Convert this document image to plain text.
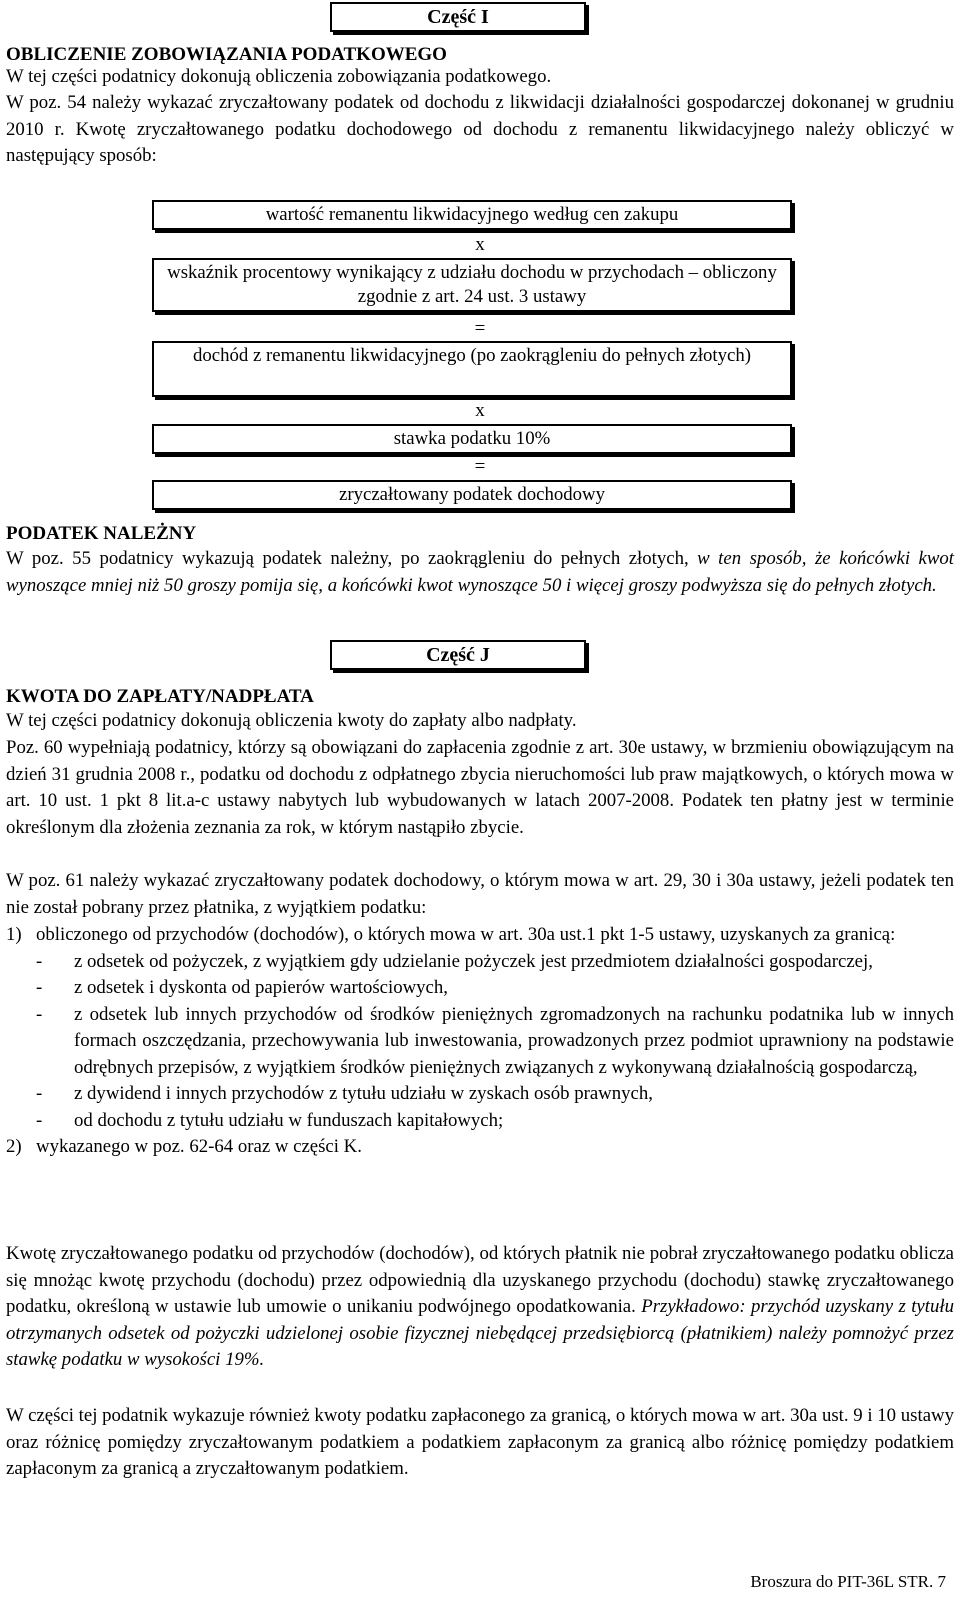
Część I
OBLICZENIE ZOBOWIĄZANIA PODATKOWEGO

W tej części podatnicy dokonują obliczenia zobowiązania podatkowego.

W poz. 54 należy wykazać zryczałtowany podatek od dochodu z likwidacji działalności gospodarczej dokonanej w grudniu 2010 r. Kwotę zryczałtowanego podatku dochodowego od dochodu z remanentu likwidacyjnego należy obliczyć w następujący sposób:

wartość remanentu likwidacyjnego według cen zakupu
x
wskaźnik procentowy wynikający z udziału dochodu w przychodach – obliczony zgodnie z art. 24 ust. 3 ustawy
=
dochód z remanentu likwidacyjnego (po zaokrągleniu do pełnych złotych)
x
stawka podatku 10%
=
zryczałtowany podatek dochodowy
PODATEK NALEŻNY

W poz. 55 podatnicy wykazują podatek należny, po zaokrągleniu do pełnych złotych, w ten sposób, że końcówki kwot wynoszące mniej niż 50 groszy pomija się, a końcówki kwot wynoszące 50 i więcej groszy podwyższa się do pełnych złotych.

Część J
KWOTA DO ZAPŁATY/NADPŁATA

W tej części podatnicy dokonują obliczenia kwoty do zapłaty albo nadpłaty.

Poz. 60 wypełniają podatnicy, którzy są obowiązani do zapłacenia zgodnie z art. 30e ustawy, w brzmieniu obowiązującym na dzień 31 grudnia 2008 r., podatku od dochodu z odpłatnego zbycia nieruchomości lub praw majątkowych, o których mowa w art. 10 ust. 1 pkt 8 lit.a-c ustawy nabytych lub wybudowanych w latach 2007-2008. Podatek ten płatny jest w terminie określonym dla złożenia zeznania za rok, w którym nastąpiło zbycie.

W poz. 61 należy wykazać zryczałtowany podatek dochodowy, o którym mowa w art. 29, 30 i 30a ustawy, jeżeli podatek ten nie został pobrany przez płatnika, z wyjątkiem podatku:

1) obliczonego od przychodów (dochodów), o których mowa w art. 30a ust.1 pkt 1-5 ustawy, uzyskanych za granicą:
-	z odsetek od pożyczek, z wyjątkiem gdy udzielanie pożyczek jest przedmiotem działalności gospodarczej,
-	z odsetek i dyskonta od papierów wartościowych,
-	z odsetek lub innych przychodów od środków pieniężnych zgromadzonych na rachunku podatnika lub w innych formach oszczędzania, przechowywania lub inwestowania, prowadzonych przez podmiot uprawniony na podstawie odrębnych przepisów, z wyjątkiem środków pieniężnych związanych z wykonywaną działalnością gospodarczą,
-	z dywidend i innych przychodów z tytułu udziału w zyskach osób prawnych,
-	od dochodu z tytułu udziału w funduszach kapitałowych;
2) wykazanego w poz. 62-64 oraz w części K.

Kwotę zryczałtowanego podatku od przychodów (dochodów), od których płatnik nie pobrał zryczałtowanego podatku oblicza się mnożąc kwotę przychodu (dochodu) przez odpowiednią dla uzyskanego przychodu (dochodu) stawkę zryczałtowanego podatku, określoną w ustawie lub umowie o unikaniu podwójnego opodatkowania. Przykładowo: przychód uzyskany z tytułu otrzymanych odsetek od pożyczki udzielonej osobie fizycznej niebędącej przedsiębiorcą (płatnikiem) należy pomnożyć przez stawkę podatku w wysokości 19%.

W części tej podatnik wykazuje również kwoty podatku zapłaconego za granicą, o których mowa w art. 30a ust. 9 i 10 ustawy oraz różnicę pomiędzy zryczałtowanym podatkiem a podatkiem zapłaconym za granicą albo różnicę pomiędzy podatkiem zapłaconym za granicą a zryczałtowanym podatkiem.

Broszura do PIT-36L STR. 7
